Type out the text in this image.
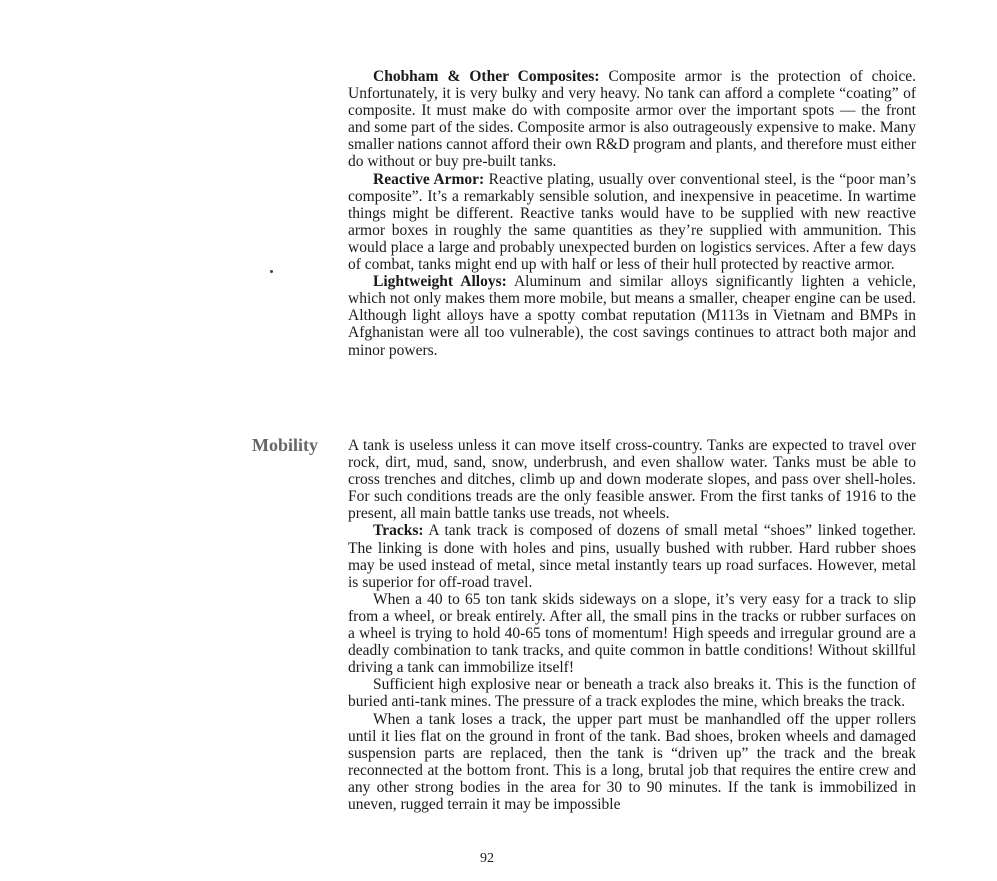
Chobham & Other Composites: Composite armor is the protection of choice. Unfortunately, it is very bulky and very heavy. No tank can afford a complete “coating” of composite. It must make do with composite armor over the important spots — the front and some part of the sides. Composite armor is also outrageously expensive to make. Many smaller nations cannot afford their own R&D program and plants, and therefore must either do without or buy pre-built tanks.

Reactive Armor: Reactive plating, usually over conventional steel, is the “poor man’s composite”. It’s a remarkably sensible solution, and inexpensive in peacetime. In wartime things might be different. Reactive tanks would have to be supplied with new reactive armor boxes in roughly the same quantities as they’re supplied with ammunition. This would place a large and probably unexpected burden on logistics services. After a few days of combat, tanks might end up with half or less of their hull protected by reactive armor.

Lightweight Alloys: Aluminum and similar alloys significantly lighten a vehicle, which not only makes them more mobile, but means a smaller, cheaper engine can be used. Although light alloys have a spotty combat reputation (M113s in Vietnam and BMPs in Afghanistan were all too vulnerable), the cost savings continues to attract both major and minor powers.

Mobility A tank is useless unless it can move itself cross-country. Tanks are expected to travel over rock, dirt, mud, sand, snow, underbrush, and even shallow water. Tanks must be able to cross trenches and ditches, climb up and down moderate slopes, and pass over shell-holes. For such conditions treads are the only feasible answer. From the first tanks of 1916 to the present, all main battle tanks use treads, not wheels.

Tracks: A tank track is composed of dozens of small metal “shoes” linked together. The linking is done with holes and pins, usually bushed with rubber. Hard rubber shoes may be used instead of metal, since metal instantly tears up road surfaces. However, metal is superior for off-road travel.

When a 40 to 65 ton tank skids sideways on a slope, it’s very easy for a track to slip from a wheel, or break entirely. After all, the small pins in the tracks or rubber surfaces on a wheel is trying to hold 40-65 tons of momentum! High speeds and irregular ground are a deadly combination to tank tracks, and quite common in battle conditions! Without skillful driving a tank can immobilize itself!

Sufficient high explosive near or beneath a track also breaks it. This is the function of buried anti-tank mines. The pressure of a track explodes the mine, which breaks the track.

When a tank loses a track, the upper part must be manhandled off the upper rollers until it lies flat on the ground in front of the tank. Bad shoes, broken wheels and damaged suspension parts are replaced, then the tank is “driven up” the track and the break reconnected at the bottom front. This is a long, brutal job that requires the entire crew and any other strong bodies in the area for 30 to 90 minutes. If the tank is immobilized in uneven, rugged terrain it may be impossible

92
